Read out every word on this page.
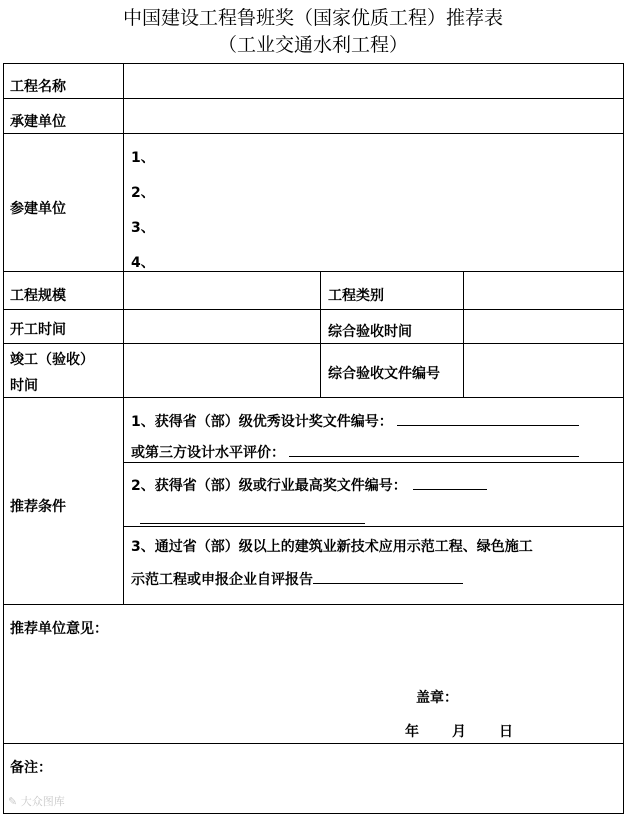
中国建设工程鲁班奖（国家优质工程）推荐表
（工业交通水利工程）
工程名称
承建单位
参建单位
工程规模	工程类别
开工时间	综合验收时间
竣工（验收）
时间
综合验收文件编号
推荐条件
1、
2、
3、
4、
1、获得省（部）级优秀设计奖文件编号：
或第三方设计水平评价：
2、获得省（部）级或行业最高奖文件编号：
3、通过省（部）级以上的建筑业新技术应用示范工程、绿色施工
示范工程或申报企业自评报告
推荐单位意见：
盖章：
年 月 日
备注：
✎ 大众图库
